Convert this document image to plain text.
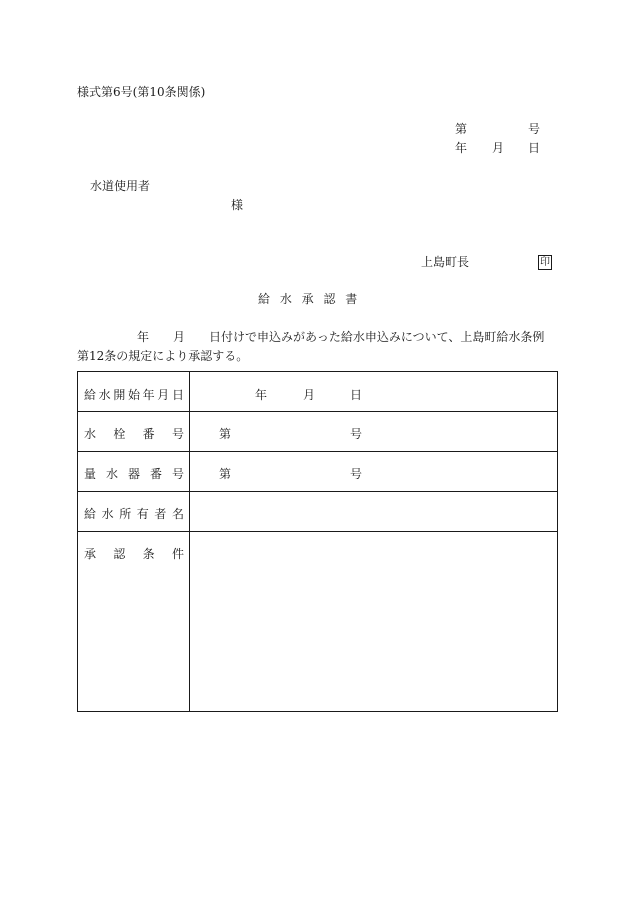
様式第6号(第10条関係)
第	号
年 月 日
水道使用者
様
上島町長	印
給 水 承 認 書
年 月 日付けで申込みがあった給水申込みについて、上島町給水条例
第12条の規定により承認する。
給 水 開 始 年 月 日	年	月	日
水 栓 番 号	第	号
量 水 器 番 号	第	号
給 水 所 有 者 名
承 認 条 件
